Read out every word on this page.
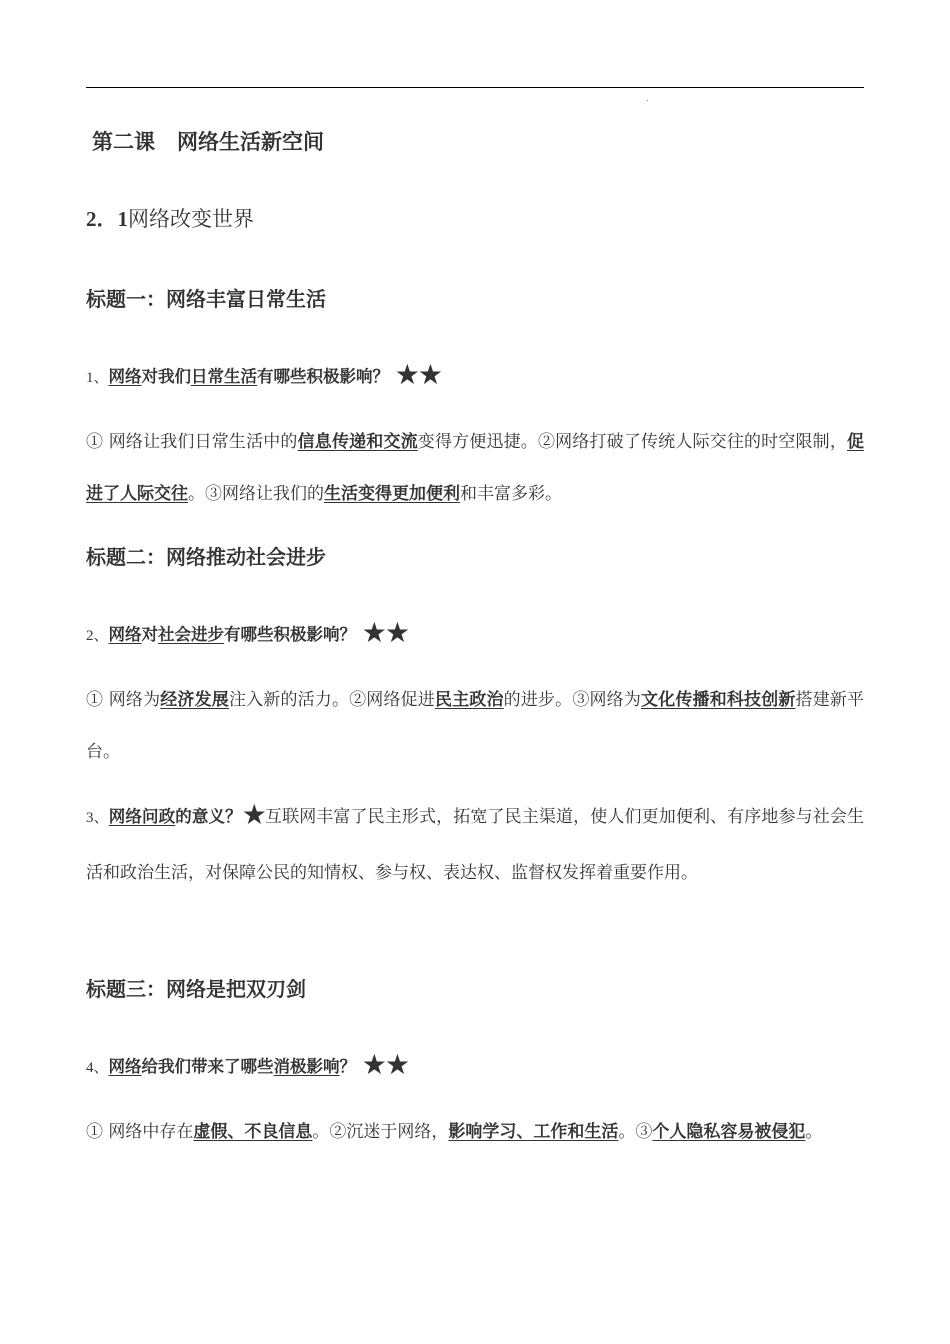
第二课 网络生活新空间
2．1网络改变世界
标题一：网络丰富日常生活
1、网络对我们日常生活有哪些积极影响？ ★★
① 网络让我们日常生活中的信息传递和交流变得方便迅捷。②网络打破了传统人际交往的时空限制，促进了人际交往。③网络让我们的生活变得更加便利和丰富多彩。
标题二：网络推动社会进步
2、网络对社会进步有哪些积极影响？ ★★
① 网络为经济发展注入新的活力。②网络促进民主政治的进步。③网络为文化传播和科技创新搭建新平台。
3、网络问政的意义？★互联网丰富了民主形式，拓宽了民主渠道，使人们更加便利、有序地参与社会生活和政治生活，对保障公民的知情权、参与权、表达权、监督权发挥着重要作用。
标题三：网络是把双刃剑
4、网络给我们带来了哪些消极影响？ ★★
① 网络中存在虚假、不良信息。②沉迷于网络，影响学习、工作和生活。③个人隐私容易被侵犯。
